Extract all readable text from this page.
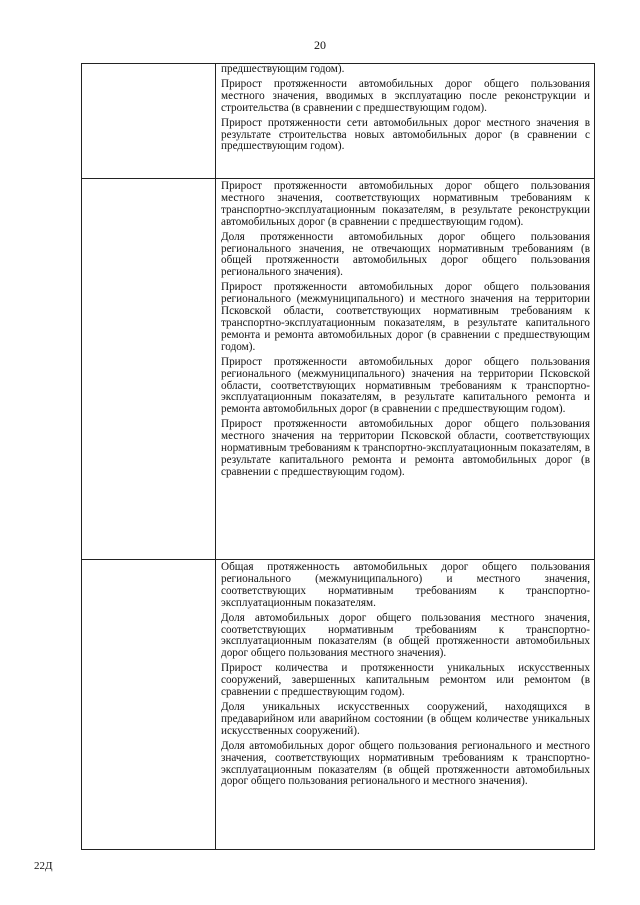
20

предшествующим годом).

Прирост протяженности автомобильных дорог общего пользования местного значения, вводимых в эксплуатацию после реконструкции и строительства (в сравнении с предшествующим годом).

Прирост протяженности сети автомобильных дорог местного значения в результате строительства новых автомобильных дорог (в сравнении с предшествующим годом).

Прирост протяженности автомобильных дорог общего пользования местного значения, соответствующих нормативным требованиям к транспортно-эксплуатационным показателям, в результате реконструкции автомобильных дорог (в сравнении с предшествующим годом).

Доля протяженности автомобильных дорог общего пользования регионального значения, не отвечающих нормативным требованиям (в общей протяженности автомобильных дорог общего пользования регионального значения).

Прирост протяженности автомобильных дорог общего пользования регионального (межмуниципального) и местного значения на территории Псковской области, соответствующих нормативным требованиям к транспортно-эксплуатационным показателям, в результате капитального ремонта и ремонта автомобильных дорог (в сравнении с предшествующим годом).

Прирост протяженности автомобильных дорог общего пользования регионального (межмуниципального) значения на территории Псковской области, соответствующих нормативным требованиям к транспортно-эксплуатационным показателям, в результате капитального ремонта и ремонта автомобильных дорог (в сравнении с предшествующим годом).

Прирост протяженности автомобильных дорог общего пользования местного значения на территории Псковской области, соответствующих нормативным требованиям к транспортно-эксплуатационным показателям, в результате капитального ремонта и ремонта автомобильных дорог (в сравнении с предшествующим годом).

Общая протяженность автомобильных дорог общего пользования регионального (межмуниципального) и местного значения, соответствующих нормативным требованиям к транспортно-эксплуатационным показателям.

Доля автомобильных дорог общего пользования местного значения, соответствующих нормативным требованиям к транспортно-эксплуатационным показателям (в общей протяженности автомобильных дорог общего пользования местного значения).

Прирост количества и протяженности уникальных искусственных сооружений, завершенных капитальным ремонтом или ремонтом (в сравнении с предшествующим годом).

Доля уникальных искусственных сооружений, находящихся в предаварийном или аварийном состоянии (в общем количестве уникальных искусственных сооружений).

Доля автомобильных дорог общего пользования регионального и местного значения, соответствующих нормативным требованиям к транспортно-эксплуатационным показателям (в общей протяженности автомобильных дорог общего пользования регионального и местного значения).

22Д
